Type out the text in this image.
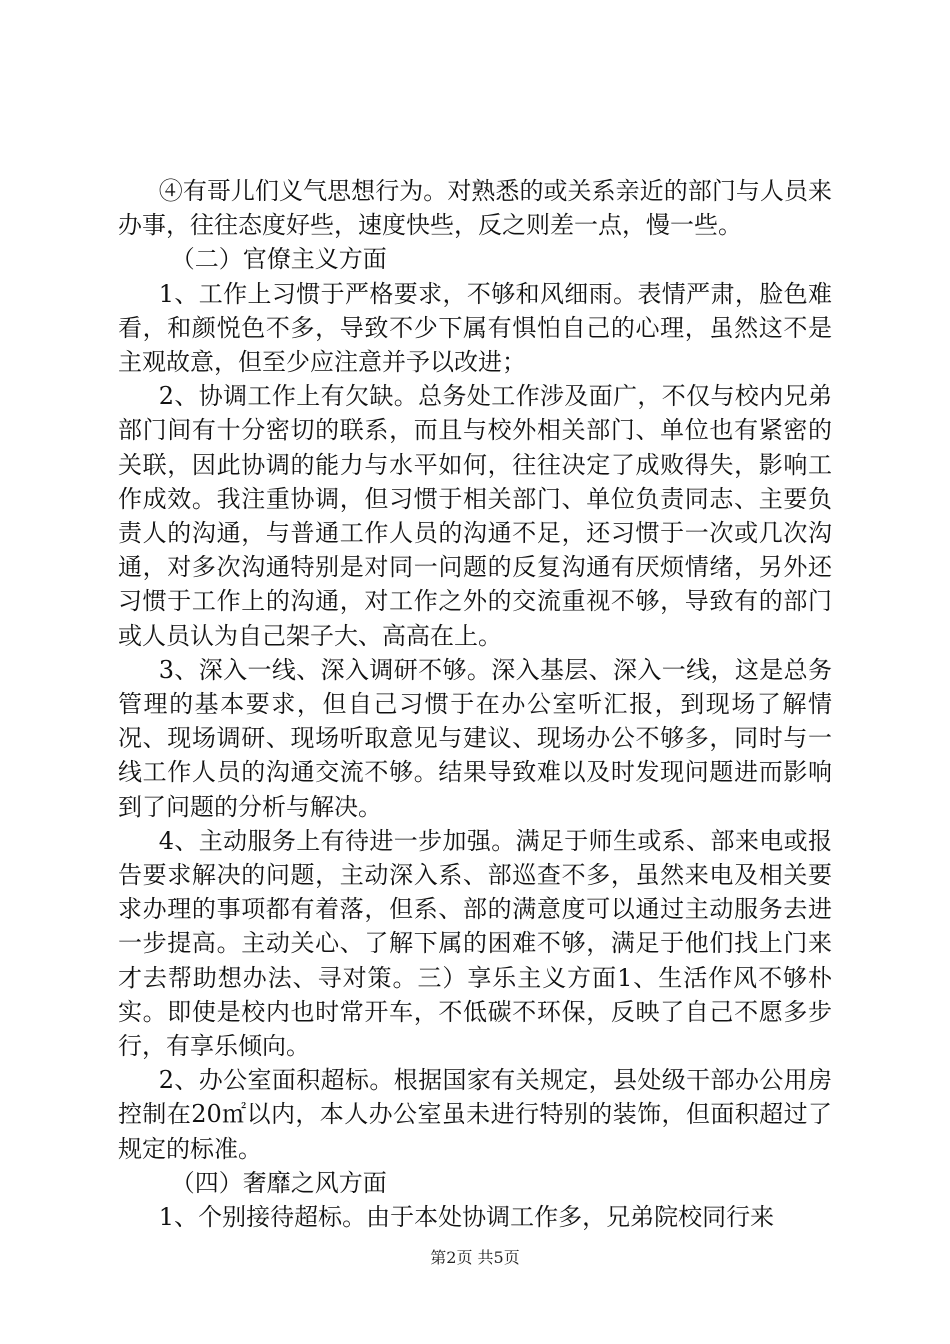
④有哥儿们义气思想行为。对熟悉的或关系亲近的部门与人员来办事，往往态度好些，速度快些，反之则差一点，慢一些。

（二）官僚主义方面

1、工作上习惯于严格要求，不够和风细雨。表情严肃，脸色难看，和颜悦色不多，导致不少下属有惧怕自己的心理，虽然这不是主观故意，但至少应注意并予以改进；

2、协调工作上有欠缺。总务处工作涉及面广，不仅与校内兄弟部门间有十分密切的联系，而且与校外相关部门、单位也有紧密的关联，因此协调的能力与水平如何，往往决定了成败得失，影响工作成效。我注重协调，但习惯于相关部门、单位负责同志、主要负责人的沟通，与普通工作人员的沟通不足，还习惯于一次或几次沟通，对多次沟通特别是对同一问题的反复沟通有厌烦情绪，另外还习惯于工作上的沟通，对工作之外的交流重视不够，导致有的部门或人员认为自己架子大、高高在上。

3、深入一线、深入调研不够。深入基层、深入一线，这是总务管理的基本要求，但自己习惯于在办公室听汇报，到现场了解情况、现场调研、现场听取意见与建议、现场办公不够多，同时与一线工作人员的沟通交流不够。结果导致难以及时发现问题进而影响到了问题的分析与解决。

4、主动服务上有待进一步加强。满足于师生或系、部来电或报告要求解决的问题，主动深入系、部巡查不多，虽然来电及相关要求办理的事项都有着落，但系、部的满意度可以通过主动服务去进一步提高。主动关心、了解下属的困难不够，满足于他们找上门来才去帮助想办法、寻对策。三）享乐主义方面1、生活作风不够朴实。即使是校内也时常开车，不低碳不环保，反映了自己不愿多步行，有享乐倾向。

2、办公室面积超标。根据国家有关规定，县处级干部办公用房控制在20㎡以内，本人办公室虽未进行特别的装饰，但面积超过了规定的标准。

（四）奢靡之风方面

1、个别接待超标。由于本处协调工作多，兄弟院校同行来

第2页 共5页
